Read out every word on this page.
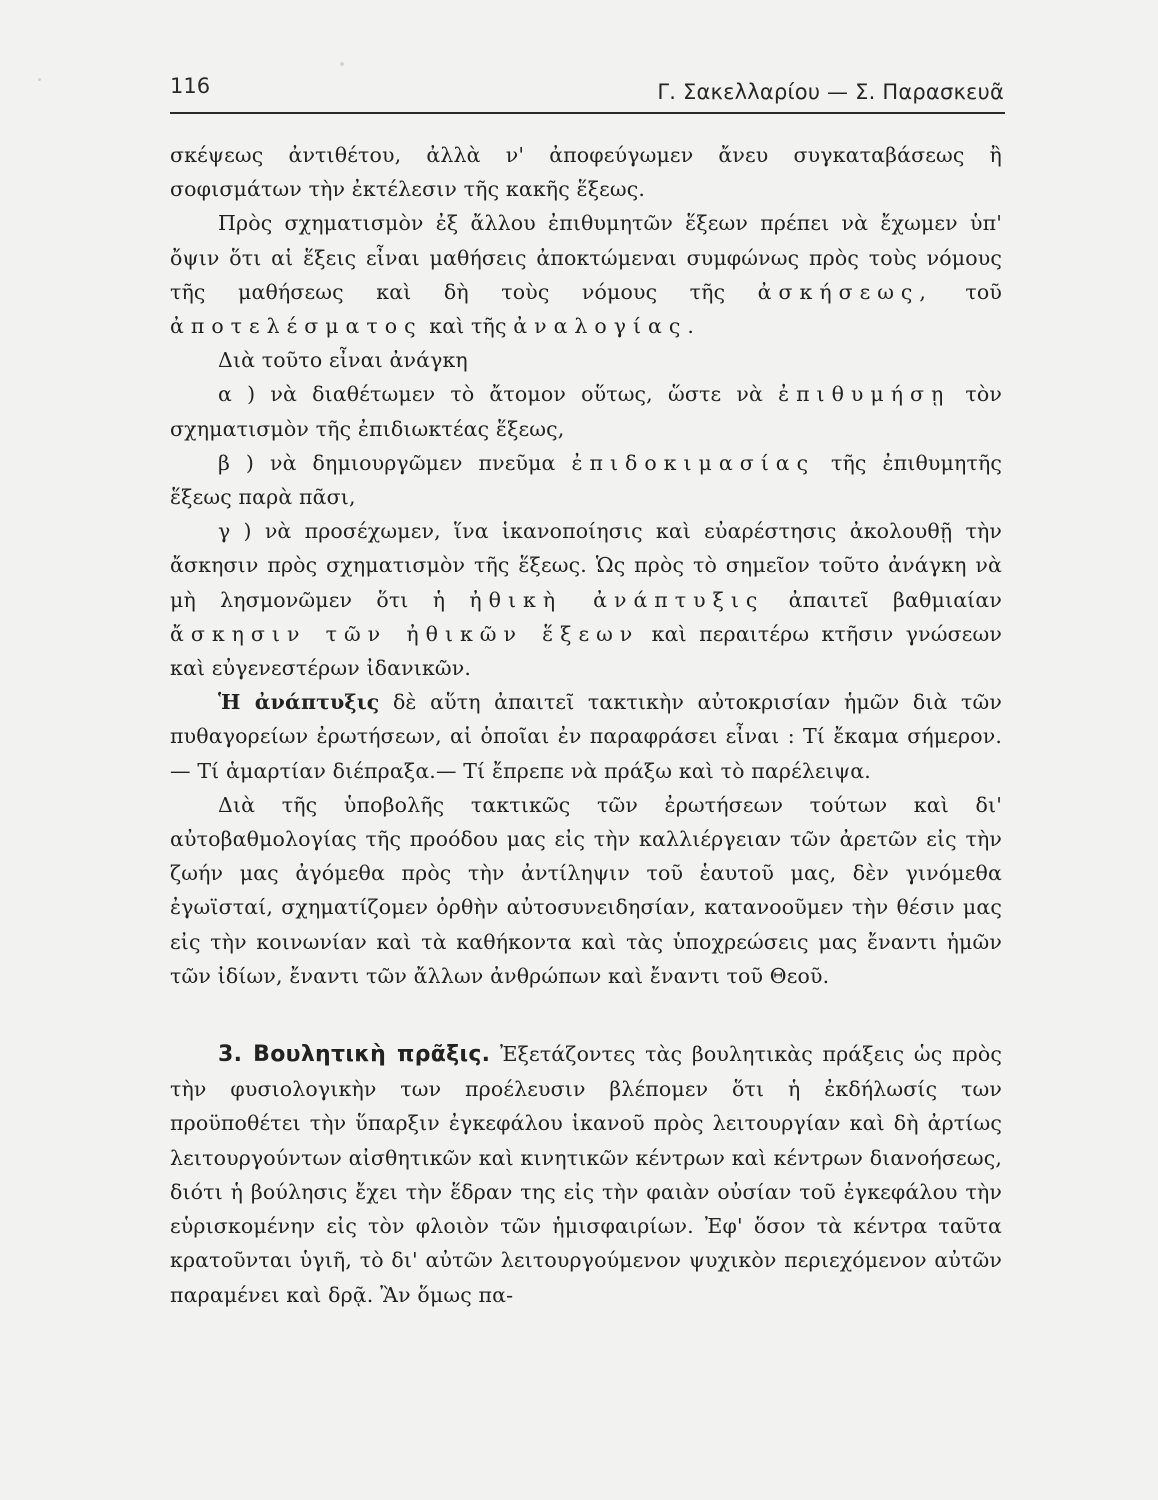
116	Γ. Σακελλαρίου — Σ. Παρασκευᾶ

σκέψεως ἀντιθέτου, ἀλλὰ ν' ἀποφεύγωμεν ἄνευ συγκαταβάσεως ἢ σοφισμάτων τὴν ἐκτέλεσιν τῆς κακῆς ἕξεως.

Πρὸς σχηματισμὸν ἐξ ἄλλου ἐπιθυμητῶν ἕξεων πρέπει νὰ ἔχωμεν ὑπ' ὄψιν ὅτι αἱ ἕξεις εἶναι μαθήσεις ἀποκτώμεναι συμφώνως πρὸς τοὺς νόμους τῆς μαθήσεως καὶ δὴ τοὺς νόμους τῆς ἀσκήσεως, τοῦ ἀποτελέσματος καὶ τῆς ἀναλογίας.

Διὰ τοῦτο εἶναι ἀνάγκη

α ) νὰ διαθέτωμεν τὸ ἄτομον οὕτως, ὥστε νὰ ἐπιθυμήσῃ τὸν σχηματισμὸν τῆς ἐπιδιωκτέας ἕξεως,

β ) νὰ δημιουργῶμεν πνεῦμα ἐπιδοκιμασίας τῆς ἐπιθυμητῆς ἕξεως παρὰ πᾶσι,

γ ) νὰ προσέχωμεν, ἵνα ἱκανοποίησις καὶ εὐαρέστησις ἀκολουθῇ τὴν ἄσκησιν πρὸς σχηματισμὸν τῆς ἕξεως. Ὡς πρὸς τὸ σημεῖον τοῦτο ἀνάγκη νὰ μὴ λησμονῶμεν ὅτι ἡ ἠθικὴ ἀνάπτυξις ἀπαιτεῖ βαθμιαίαν ἄσκησιν τῶν ἠθικῶν ἕξεων καὶ περαιτέρω κτῆσιν γνώσεων καὶ εὐγενεστέρων ἰδανικῶν.

Ἡ ἀνάπτυξις δὲ αὕτη ἀπαιτεῖ τακτικὴν αὐτοκρισίαν ἡμῶν διὰ τῶν πυθαγορείων ἐρωτήσεων, αἱ ὁποῖαι ἐν παραφράσει εἶναι : Τί ἔκαμα σήμερον.— Τί ἁμαρτίαν διέπραξα.— Τί ἔπρεπε νὰ πράξω καὶ τὸ παρέλειψα.

Διὰ τῆς ὑποβολῆς τακτικῶς τῶν ἐρωτήσεων τούτων καὶ δι' αὐτοβαθμολογίας τῆς προόδου μας εἰς τὴν καλλιέργειαν τῶν ἀρετῶν εἰς τὴν ζωήν μας ἀγόμεθα πρὸς τὴν ἀντίληψιν τοῦ ἑαυτοῦ μας, δὲν γινόμεθα ἐγωϊσταί, σχηματίζομεν ὀρθὴν αὐτοσυνειδησίαν, κατανοοῦμεν τὴν θέσιν μας εἰς τὴν κοινωνίαν καὶ τὰ καθήκοντα καὶ τὰς ὑποχρεώσεις μας ἔναντι ἡμῶν τῶν ἰδίων, ἔναντι τῶν ἄλλων ἀνθρώπων καὶ ἔναντι τοῦ Θεοῦ.

3. Βουλητικὴ πρᾶξις. Ἐξετάζοντες τὰς βουλητικὰς πράξεις ὡς πρὸς τὴν φυσιολογικὴν των προέλευσιν βλέπομεν ὅτι ἡ ἐκδήλωσίς των προϋποθέτει τὴν ὕπαρξιν ἐγκεφάλου ἱκανοῦ πρὸς λειτουργίαν καὶ δὴ ἀρτίως λειτουργούντων αἰσθητικῶν καὶ κινητικῶν κέντρων καὶ κέντρων διανοήσεως, διότι ἡ βούλησις ἔχει τὴν ἕδραν της εἰς τὴν φαιὰν οὐσίαν τοῦ ἐγκεφάλου τὴν εὑρισκομένην εἰς τὸν φλοιὸν τῶν ἡμισφαιρίων. Ἐφ' ὅσον τὰ κέντρα ταῦτα κρατοῦνται ὑγιῆ, τὸ δι' αὐτῶν λειτουργούμενον ψυχικὸν περιεχόμενον αὐτῶν παραμένει καὶ δρᾷ. Ἂν ὅμως πα-
